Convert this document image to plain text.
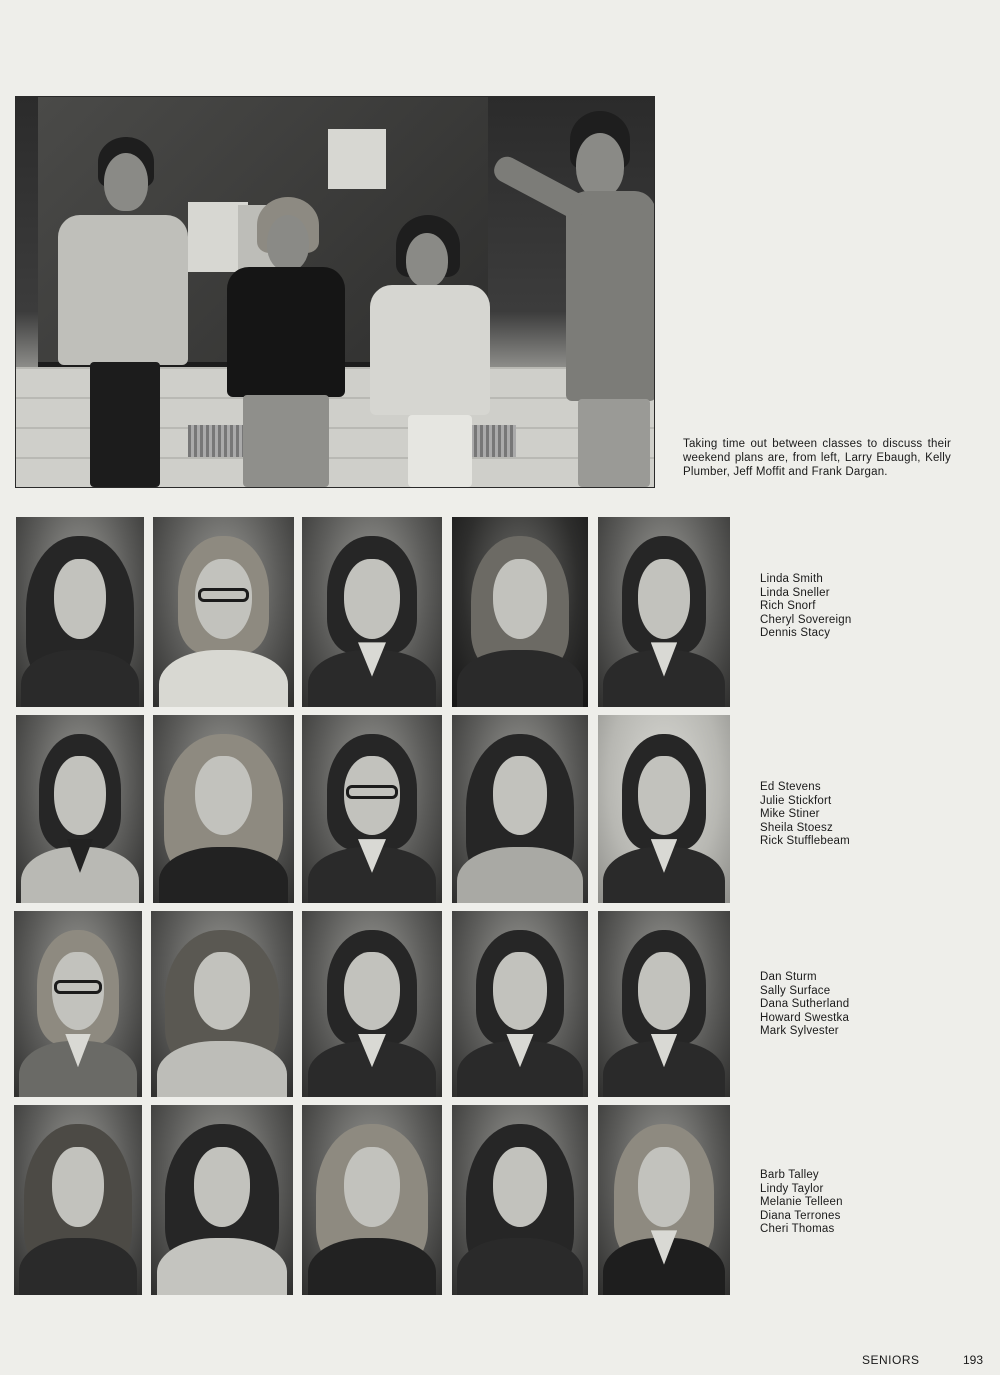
Taking time out between classes to discuss their weekend plans are, from left, Larry Ebaugh, Kelly Plumber, Jeff Moffit and Frank Dargan.
Linda Smith
Linda Sneller
Rich Snorf
Cheryl Sovereign
Dennis Stacy
Ed Stevens
Julie Stickfort
Mike Stiner
Sheila Stoesz
Rick Stufflebeam
Dan Sturm
Sally Surface
Dana Sutherland
Howard Swestka
Mark Sylvester
Barb Talley
Lindy Taylor
Melanie Telleen
Diana Terrones
Cheri Thomas
SENIORS	193
